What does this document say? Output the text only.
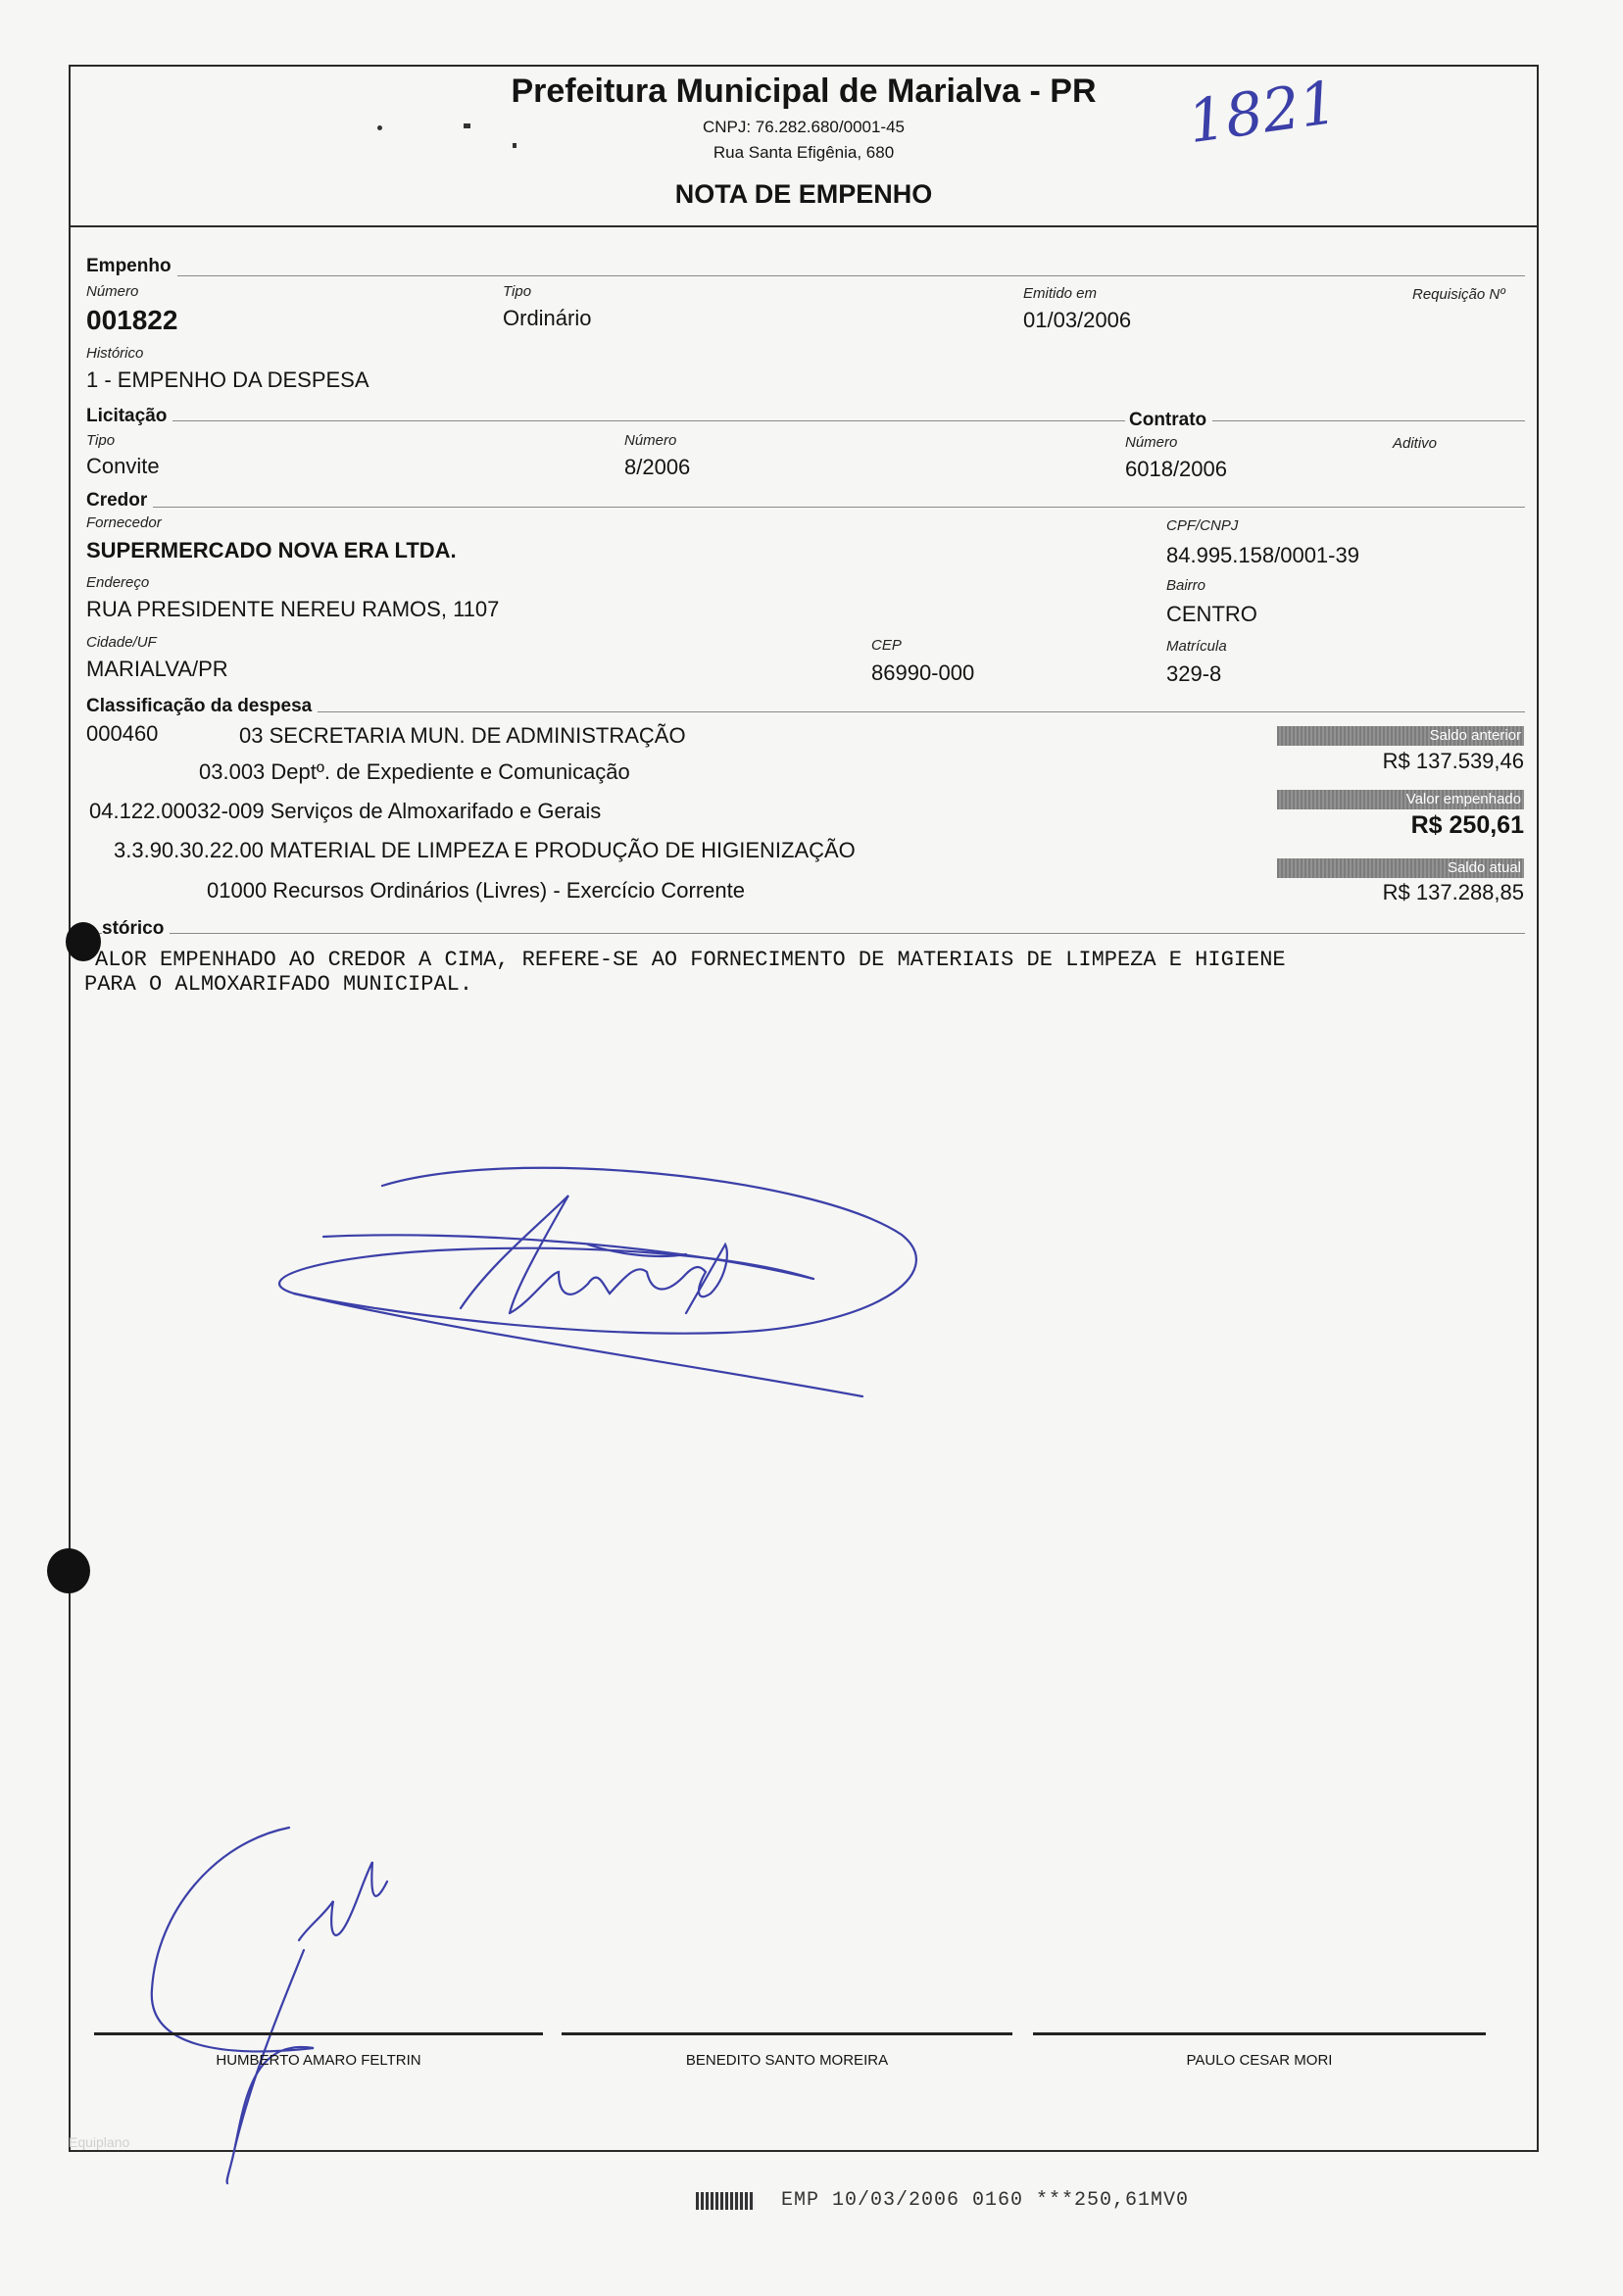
Prefeitura Municipal de Marialva - PR
CNPJ: 76.282.680/0001-45
Rua Santa Efigênia, 680
NOTA DE EMPENHO
1821
Empenho
Número
001822
Tipo
Ordinário
Emitido em
01/03/2006
Requisição Nº
Histórico
1 - EMPENHO DA DESPESA
Licitação	Contrato
Tipo
Convite
Número
8/2006
Número
6018/2006
Aditivo
Credor
Fornecedor
SUPERMERCADO NOVA ERA LTDA.
CPF/CNPJ
84.995.158/0001-39
Endereço
RUA PRESIDENTE NEREU RAMOS, 1107
Bairro
CENTRO
Cidade/UF
MARIALVA/PR
CEP
86990-000
Matrícula
329-8
Classificação da despesa
000460	03 SECRETARIA MUN. DE ADMINISTRAÇÃO
03.003 Deptº. de Expediente e Comunicação
04.122.00032-009 Serviços de Almoxarifado e Gerais
3.3.90.30.22.00 MATERIAL DE LIMPEZA E PRODUÇÃO DE HIGIENIZAÇÃO
01000 Recursos Ordinários (Livres) - Exercício Corrente
Saldo anterior
R$ 137.539,46
Valor empenhado
R$ 250,61
Saldo atual
R$ 137.288,85
stórico
ALOR EMPENHADO AO CREDOR A CIMA, REFERE-SE AO FORNECIMENTO DE MATERIAIS DE LIMPEZA E HIGIENE
PARA O ALMOXARIFADO MUNICIPAL.
HUMBERTO AMARO FELTRIN	BENEDITO SANTO MOREIRA	PAULO CESAR MORI
Equiplano
EMP 10/03/2006 0160 ***250,61MV0
